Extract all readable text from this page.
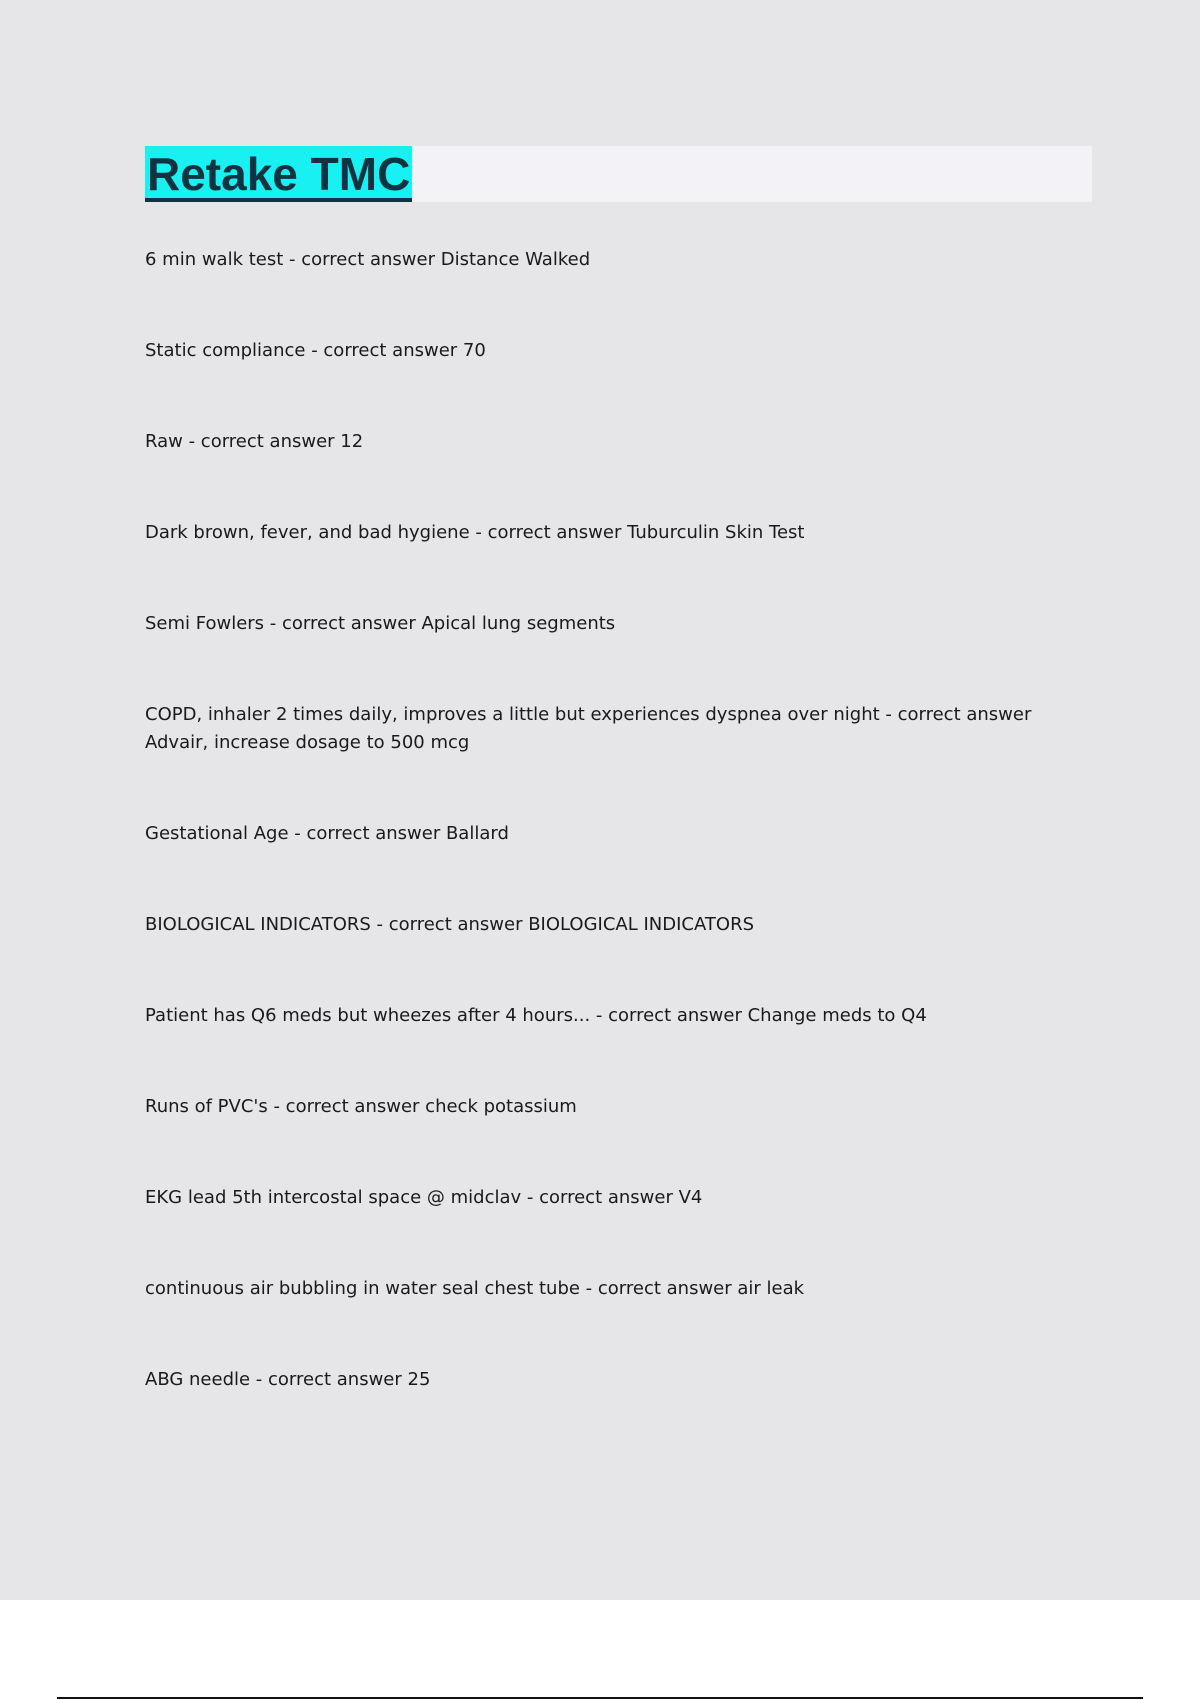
Retake TMC
6 min walk test - correct answer Distance Walked
Static compliance - correct answer 70
Raw - correct answer 12
Dark brown, fever, and bad hygiene - correct answer Tuburculin Skin Test
Semi Fowlers - correct answer Apical lung segments
COPD, inhaler 2 times daily, improves a little but experiences dyspnea over night - correct answer Advair, increase dosage to 500 mcg
Gestational Age - correct answer Ballard
BIOLOGICAL INDICATORS - correct answer BIOLOGICAL INDICATORS
Patient has Q6 meds but wheezes after 4 hours... - correct answer Change meds to Q4
Runs of PVC's - correct answer check potassium
EKG lead 5th intercostal space @ midclav - correct answer V4
continuous air bubbling in water seal chest tube - correct answer air leak
ABG needle - correct answer 25
